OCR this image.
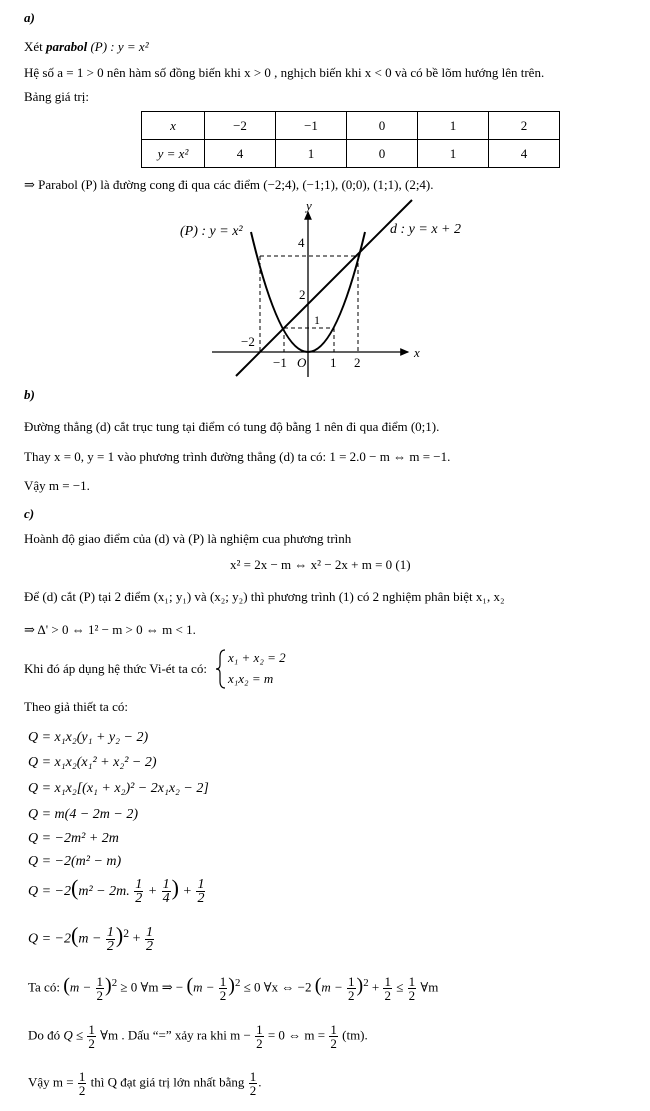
a)
Xét parabol (P) : y = x²
Hệ số a = 1 > 0 nên hàm số đồng biến khi x > 0 , nghịch biến khi x < 0 và có bề lõm hướng lên trên.
Bảng giá trị:
x	−2	−1	0	1	2
y = x²	4	1	0	1	4
⇒ Parabol (P) là đường cong đi qua các điểm (−2;4), (−1;1), (0;0), (1;1), (2;4).
(P) : y = x²	d : y = x + 2
y
x
O
−2
−1	1 2
4
2
1
b)
Đường thẳng (d) cắt trục tung tại điểm có tung độ bằng 1 nên đi qua điểm (0;1).
Thay x = 0, y = 1 vào phương trình đường thẳng (d) ta có: 1 = 2.0 − m ⇔ m = −1.
Vậy m = −1.
c)
Hoành độ giao điểm của (d) và (P) là nghiệm cua phương trình
x² = 2x − m ⇔ x² − 2x + m = 0 (1)
Để (d) cắt (P) tại 2 điểm (x₁; y₁) và (x₂; y₂) thì phương trình (1) có 2 nghiệm phân biệt x₁, x₂
⇒ Δ' > 0 ⇔ 1² − m > 0 ⇔ m < 1.
Khi đó áp dụng hệ thức Vi-ét ta có:
x₁ + x₂ = 2
x₁x₂ = m
Theo giả thiết ta có:
Q = x₁x₂(y₁ + y₂ − 2)
Q = x₁x₂(x₁² + x₂² − 2)
Q = x₁x₂[(x₁ + x₂)² − 2x₁x₂ − 2]
Q = m(4 − 2m − 2)
Q = −2m² + 2m
Q = −2(m² − m)
Q = −2(m² − 2m. $\frac{1}{2} + \frac{1}{4}$ ) + $\frac{1}{2}$
$Q = -2(m - \frac{1}{2} )^2 + \frac{1}{2}$
Ta có: $(m - \frac{1}{2} )^2 \ge 0$ ∀m ⇒ − $(m - \frac{1}{2} )^2 \le 0$ ∀x ⇔ −2 $(m - \frac{1}{2} )^2 + \frac{1}{2} \le \frac{1}{2}$ ∀m
Do đó $Q \le \frac{1}{2}$ ∀m . Dấu “=” xảy ra khi $m - \frac{1}{2} = 0$ ⇔ $m = \frac{1}{2} (tm)$.
Vậy $m = \frac{1}{2}$ thì Q đạt giá trị lớn nhất bằng $\frac{1}{2}$ .
